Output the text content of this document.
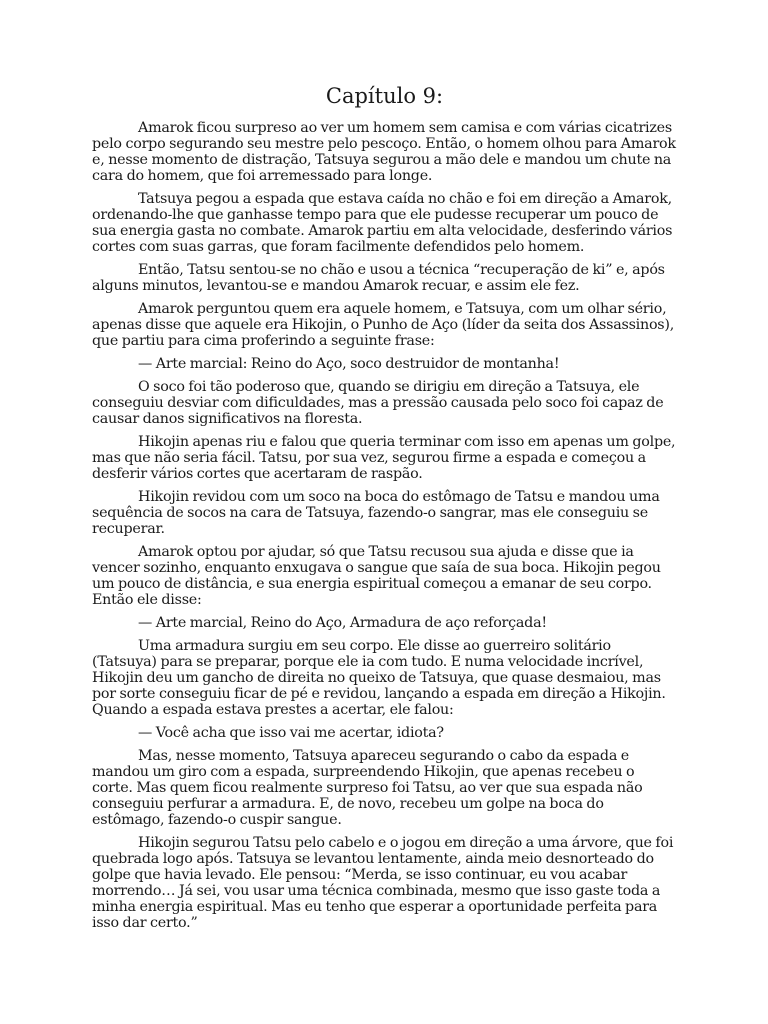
Capítulo 9:

Amarok ficou surpreso ao ver um homem sem camisa e com várias cicatrizes pelo corpo segurando seu mestre pelo pescoço. Então, o homem olhou para Amarok e, nesse momento de distração, Tatsuya segurou a mão dele e mandou um chute na cara do homem, que foi arremessado para longe.

Tatsuya pegou a espada que estava caída no chão e foi em direção a Amarok, ordenando-lhe que ganhasse tempo para que ele pudesse recuperar um pouco de sua energia gasta no combate. Amarok partiu em alta velocidade, desferindo vários cortes com suas garras, que foram facilmente defendidos pelo homem.

Então, Tatsu sentou-se no chão e usou a técnica “recuperação de ki” e, após alguns minutos, levantou-se e mandou Amarok recuar, e assim ele fez.

Amarok perguntou quem era aquele homem, e Tatsuya, com um olhar sério, apenas disse que aquele era Hikojin, o Punho de Aço (líder da seita dos Assassinos), que partiu para cima proferindo a seguinte frase:

— Arte marcial: Reino do Aço, soco destruidor de montanha!

O soco foi tão poderoso que, quando se dirigiu em direção a Tatsuya, ele conseguiu desviar com dificuldades, mas a pressão causada pelo soco foi capaz de causar danos significativos na floresta.

Hikojin apenas riu e falou que queria terminar com isso em apenas um golpe, mas que não seria fácil. Tatsu, por sua vez, segurou firme a espada e começou a desferir vários cortes que acertaram de raspão.

Hikojin revidou com um soco na boca do estômago de Tatsu e mandou uma sequência de socos na cara de Tatsuya, fazendo-o sangrar, mas ele conseguiu se recuperar.

Amarok optou por ajudar, só que Tatsu recusou sua ajuda e disse que ia vencer sozinho, enquanto enxugava o sangue que saía de sua boca. Hikojin pegou um pouco de distância, e sua energia espiritual começou a emanar de seu corpo. Então ele disse:

— Arte marcial, Reino do Aço, Armadura de aço reforçada!

Uma armadura surgiu em seu corpo. Ele disse ao guerreiro solitário (Tatsuya) para se preparar, porque ele ia com tudo. E numa velocidade incrível, Hikojin deu um gancho de direita no queixo de Tatsuya, que quase desmaiou, mas por sorte conseguiu ficar de pé e revidou, lançando a espada em direção a Hikojin. Quando a espada estava prestes a acertar, ele falou:

— Você acha que isso vai me acertar, idiota?

Mas, nesse momento, Tatsuya apareceu segurando o cabo da espada e mandou um giro com a espada, surpreendendo Hikojin, que apenas recebeu o corte. Mas quem ficou realmente surpreso foi Tatsu, ao ver que sua espada não conseguiu perfurar a armadura. E, de novo, recebeu um golpe na boca do estômago, fazendo-o cuspir sangue.

Hikojin segurou Tatsu pelo cabelo e o jogou em direção a uma árvore, que foi quebrada logo após. Tatsuya se levantou lentamente, ainda meio desnorteado do golpe que havia levado. Ele pensou: “Merda, se isso continuar, eu vou acabar morrendo… Já sei, vou usar uma técnica combinada, mesmo que isso gaste toda a minha energia espiritual. Mas eu tenho que esperar a oportunidade perfeita para isso dar certo.”
